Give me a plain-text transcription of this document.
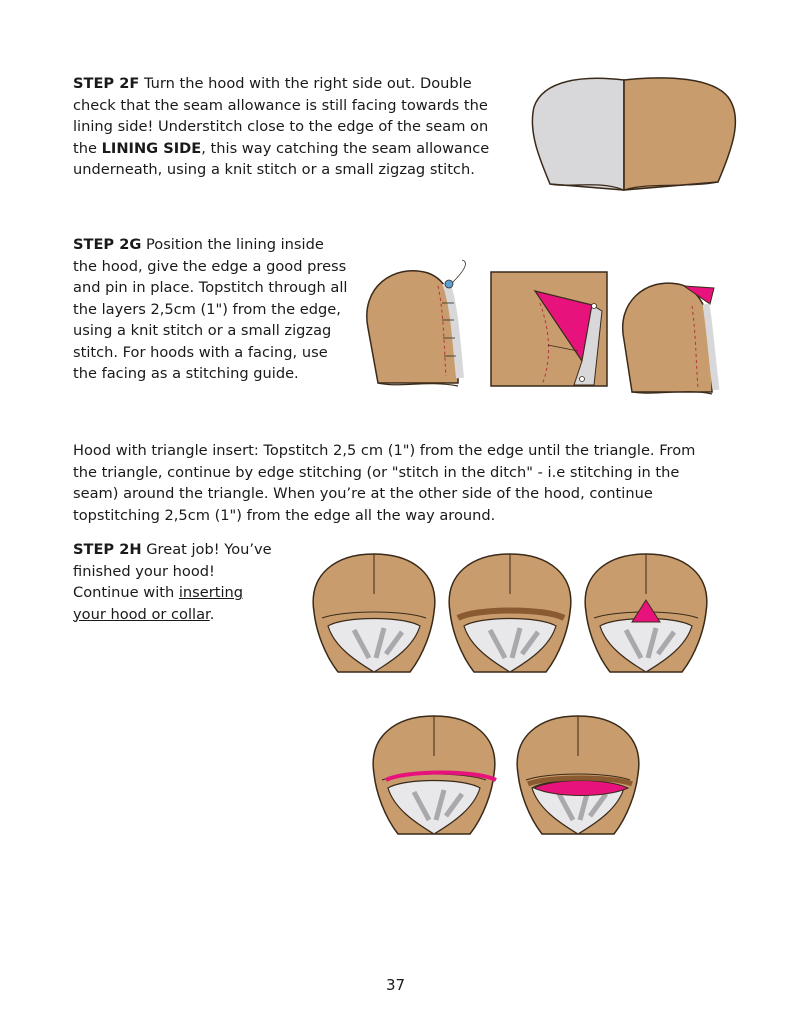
STEP 2F Turn the hood with the right side out. Double check that the seam allowance is still facing towards the lining side! Understitch close to the edge of the seam on the LINING SIDE, this way catching the seam allowance underneath, using a knit stitch or a small zigzag stitch.

STEP 2G Position the lining inside the hood, give the edge a good press and pin in place. Topstitch through all the layers 2,5cm (1") from the edge, using a knit stitch or a small zigzag stitch. For hoods with a facing, use the facing as a stitching guide.

Hood with triangle insert: Topstitch 2,5 cm (1") from the edge until the triangle. From the triangle, continue by edge stitching (or "stitch in the ditch" - i.e stitching in the seam) around the triangle. When you’re at the other side of the hood, continue topstitching 2,5cm (1") from the edge all the way around.

STEP 2H Great job! You’ve finished your hood! Continue with inserting your hood or collar.

37
